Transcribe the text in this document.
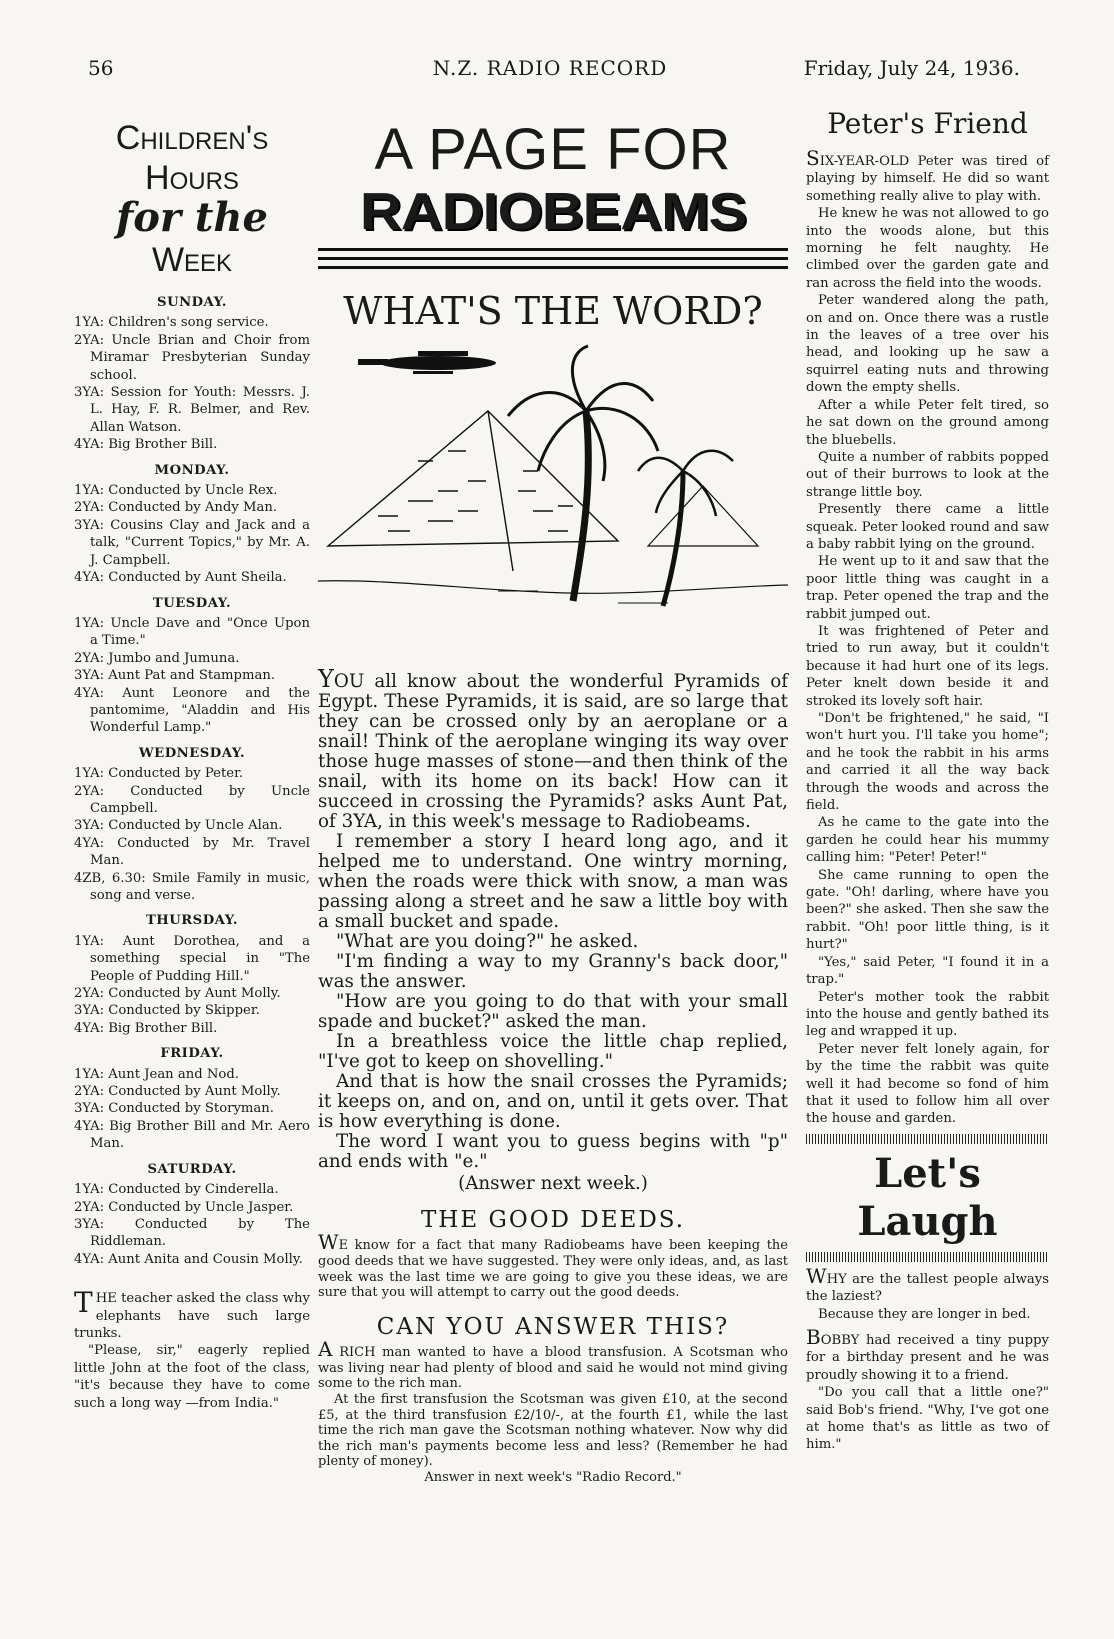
56	N.Z. RADIO RECORD	Friday, July 24, 1936.
Children's Hours
for the Week
SUNDAY.
1YA: Children's song service.
2YA: Uncle Brian and Choir from Miramar Presbyterian Sunday school.
3YA: Session for Youth: Messrs. J. L. Hay, F. R. Belmer, and Rev. Allan Watson.
4YA: Big Brother Bill.
MONDAY.
1YA: Conducted by Uncle Rex.
2YA: Conducted by Andy Man.
3YA: Cousins Clay and Jack and a talk, "Current Topics," by Mr. A. J. Campbell.
4YA: Conducted by Aunt Sheila.
TUESDAY.
1YA: Uncle Dave and "Once Upon a Time."
2YA: Jumbo and Jumuna.
3YA: Aunt Pat and Stampman.
4YA: Aunt Leonore and the pantomime, "Aladdin and His Wonderful Lamp."
WEDNESDAY.
1YA: Conducted by Peter.
2YA: Conducted by Uncle Campbell.
3YA: Conducted by Uncle Alan.
4YA: Conducted by Mr. Travel Man.
4ZB, 6.30: Smile Family in music, song and verse.
THURSDAY.
1YA: Aunt Dorothea, and a something special in "The People of Pudding Hill."
2YA: Conducted by Aunt Molly.
3YA: Conducted by Skipper.
4YA: Big Brother Bill.
FRIDAY.
1YA: Aunt Jean and Nod.
2YA: Conducted by Aunt Molly.
3YA: Conducted by Storyman.
4YA: Big Brother Bill and Mr. Aero Man.
SATURDAY.
1YA: Conducted by Cinderella.
2YA: Conducted by Uncle Jasper.
3YA: Conducted by The Riddleman.
4YA: Aunt Anita and Cousin Molly.

THE teacher asked the class why elephants have such large trunks.

"Please, sir," eagerly replied little John at the foot of the class, "it's because they have to come such a long way —from India."

A PAGE FOR
RADIOBEAMS
WHAT'S THE WORD?

YOU all know about the wonderful Pyramids of Egypt. These Pyramids, it is said, are so large that they can be crossed only by an aeroplane or a snail! Think of the aeroplane winging its way over those huge masses of stone—and then think of the snail, with its home on its back! How can it succeed in crossing the Pyramids? asks Aunt Pat, of 3YA, in this week's message to Radiobeams.

I remember a story I heard long ago, and it helped me to understand. One wintry morning, when the roads were thick with snow, a man was passing along a street and he saw a little boy with a small bucket and spade.

"What are you doing?" he asked.

"I'm finding a way to my Granny's back door," was the answer.

"How are you going to do that with your small spade and bucket?" asked the man.

In a breathless voice the little chap replied, "I've got to keep on shovelling."

And that is how the snail crosses the Pyramids; it keeps on, and on, and on, until it gets over. That is how everything is done.

The word I want you to guess begins with "p" and ends with "e."

(Answer next week.)

THE GOOD DEEDS.

WE know for a fact that many Radiobeams have been keeping the good deeds that we have suggested. They were only ideas, and, as last week was the last time we are going to give you these ideas, we are sure that you will attempt to carry out the good deeds.

CAN YOU ANSWER THIS?

A RICH man wanted to have a blood transfusion. A Scotsman who was living near had plenty of blood and said he would not mind giving some to the rich man.

At the first transfusion the Scotsman was given £10, at the second £5, at the third transfusion £2/10/-, at the fourth £1, while the last time the rich man gave the Scotsman nothing whatever. Now why did the rich man's payments become less and less? (Remember he had plenty of money).

Answer in next week's "Radio Record."

Peter's Friend

SIX-YEAR-OLD Peter was tired of playing by himself. He did so want something really alive to play with.

He knew he was not allowed to go into the woods alone, but this morning he felt naughty. He climbed over the garden gate and ran across the field into the woods.

Peter wandered along the path, on and on. Once there was a rustle in the leaves of a tree over his head, and looking up he saw a squirrel eating nuts and throwing down the empty shells.

After a while Peter felt tired, so he sat down on the ground among the bluebells.

Quite a number of rabbits popped out of their burrows to look at the strange little boy.

Presently there came a little squeak. Peter looked round and saw a baby rabbit lying on the ground.

He went up to it and saw that the poor little thing was caught in a trap. Peter opened the trap and the rabbit jumped out.

It was frightened of Peter and tried to run away, but it couldn't because it had hurt one of its legs. Peter knelt down beside it and stroked its lovely soft hair.

"Don't be frightened," he said, "I won't hurt you. I'll take you home"; and he took the rabbit in his arms and carried it all the way back through the woods and across the field.

As he came to the gate into the garden he could hear his mummy calling him: "Peter! Peter!"

She came running to open the gate. "Oh! darling, where have you been?" she asked. Then she saw the rabbit. "Oh! poor little thing, is it hurt?"

"Yes," said Peter, "I found it in a trap."

Peter's mother took the rabbit into the house and gently bathed its leg and wrapped it up.

Peter never felt lonely again, for by the time the rabbit was quite well it had become so fond of him that it used to follow him all over the house and garden.

Let's Laugh

WHY are the tallest people always the laziest?

Because they are longer in bed.

BOBBY had received a tiny puppy for a birthday present and he was proudly showing it to a friend.

"Do you call that a little one?" said Bob's friend. "Why, I've got one at home that's as little as two of him."
